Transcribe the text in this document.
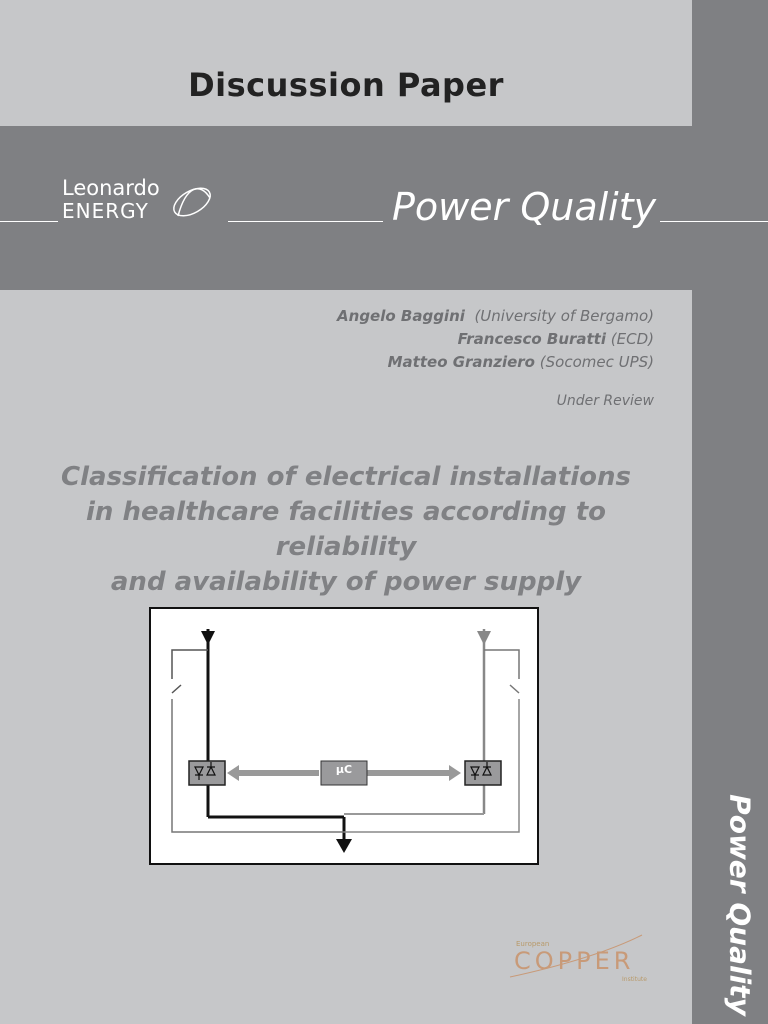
Discussion Paper
Leonardo
ENERGY	Power Quality
Angelo Baggini (University of Bergamo)
Francesco Buratti (ECD)
Matteo Granziero (Socomec UPS)
Under Review
Classification of electrical installations
in healthcare facilities according to reliability
and availability of power supply
µC
Power Quality
European
COPPER
Institute
